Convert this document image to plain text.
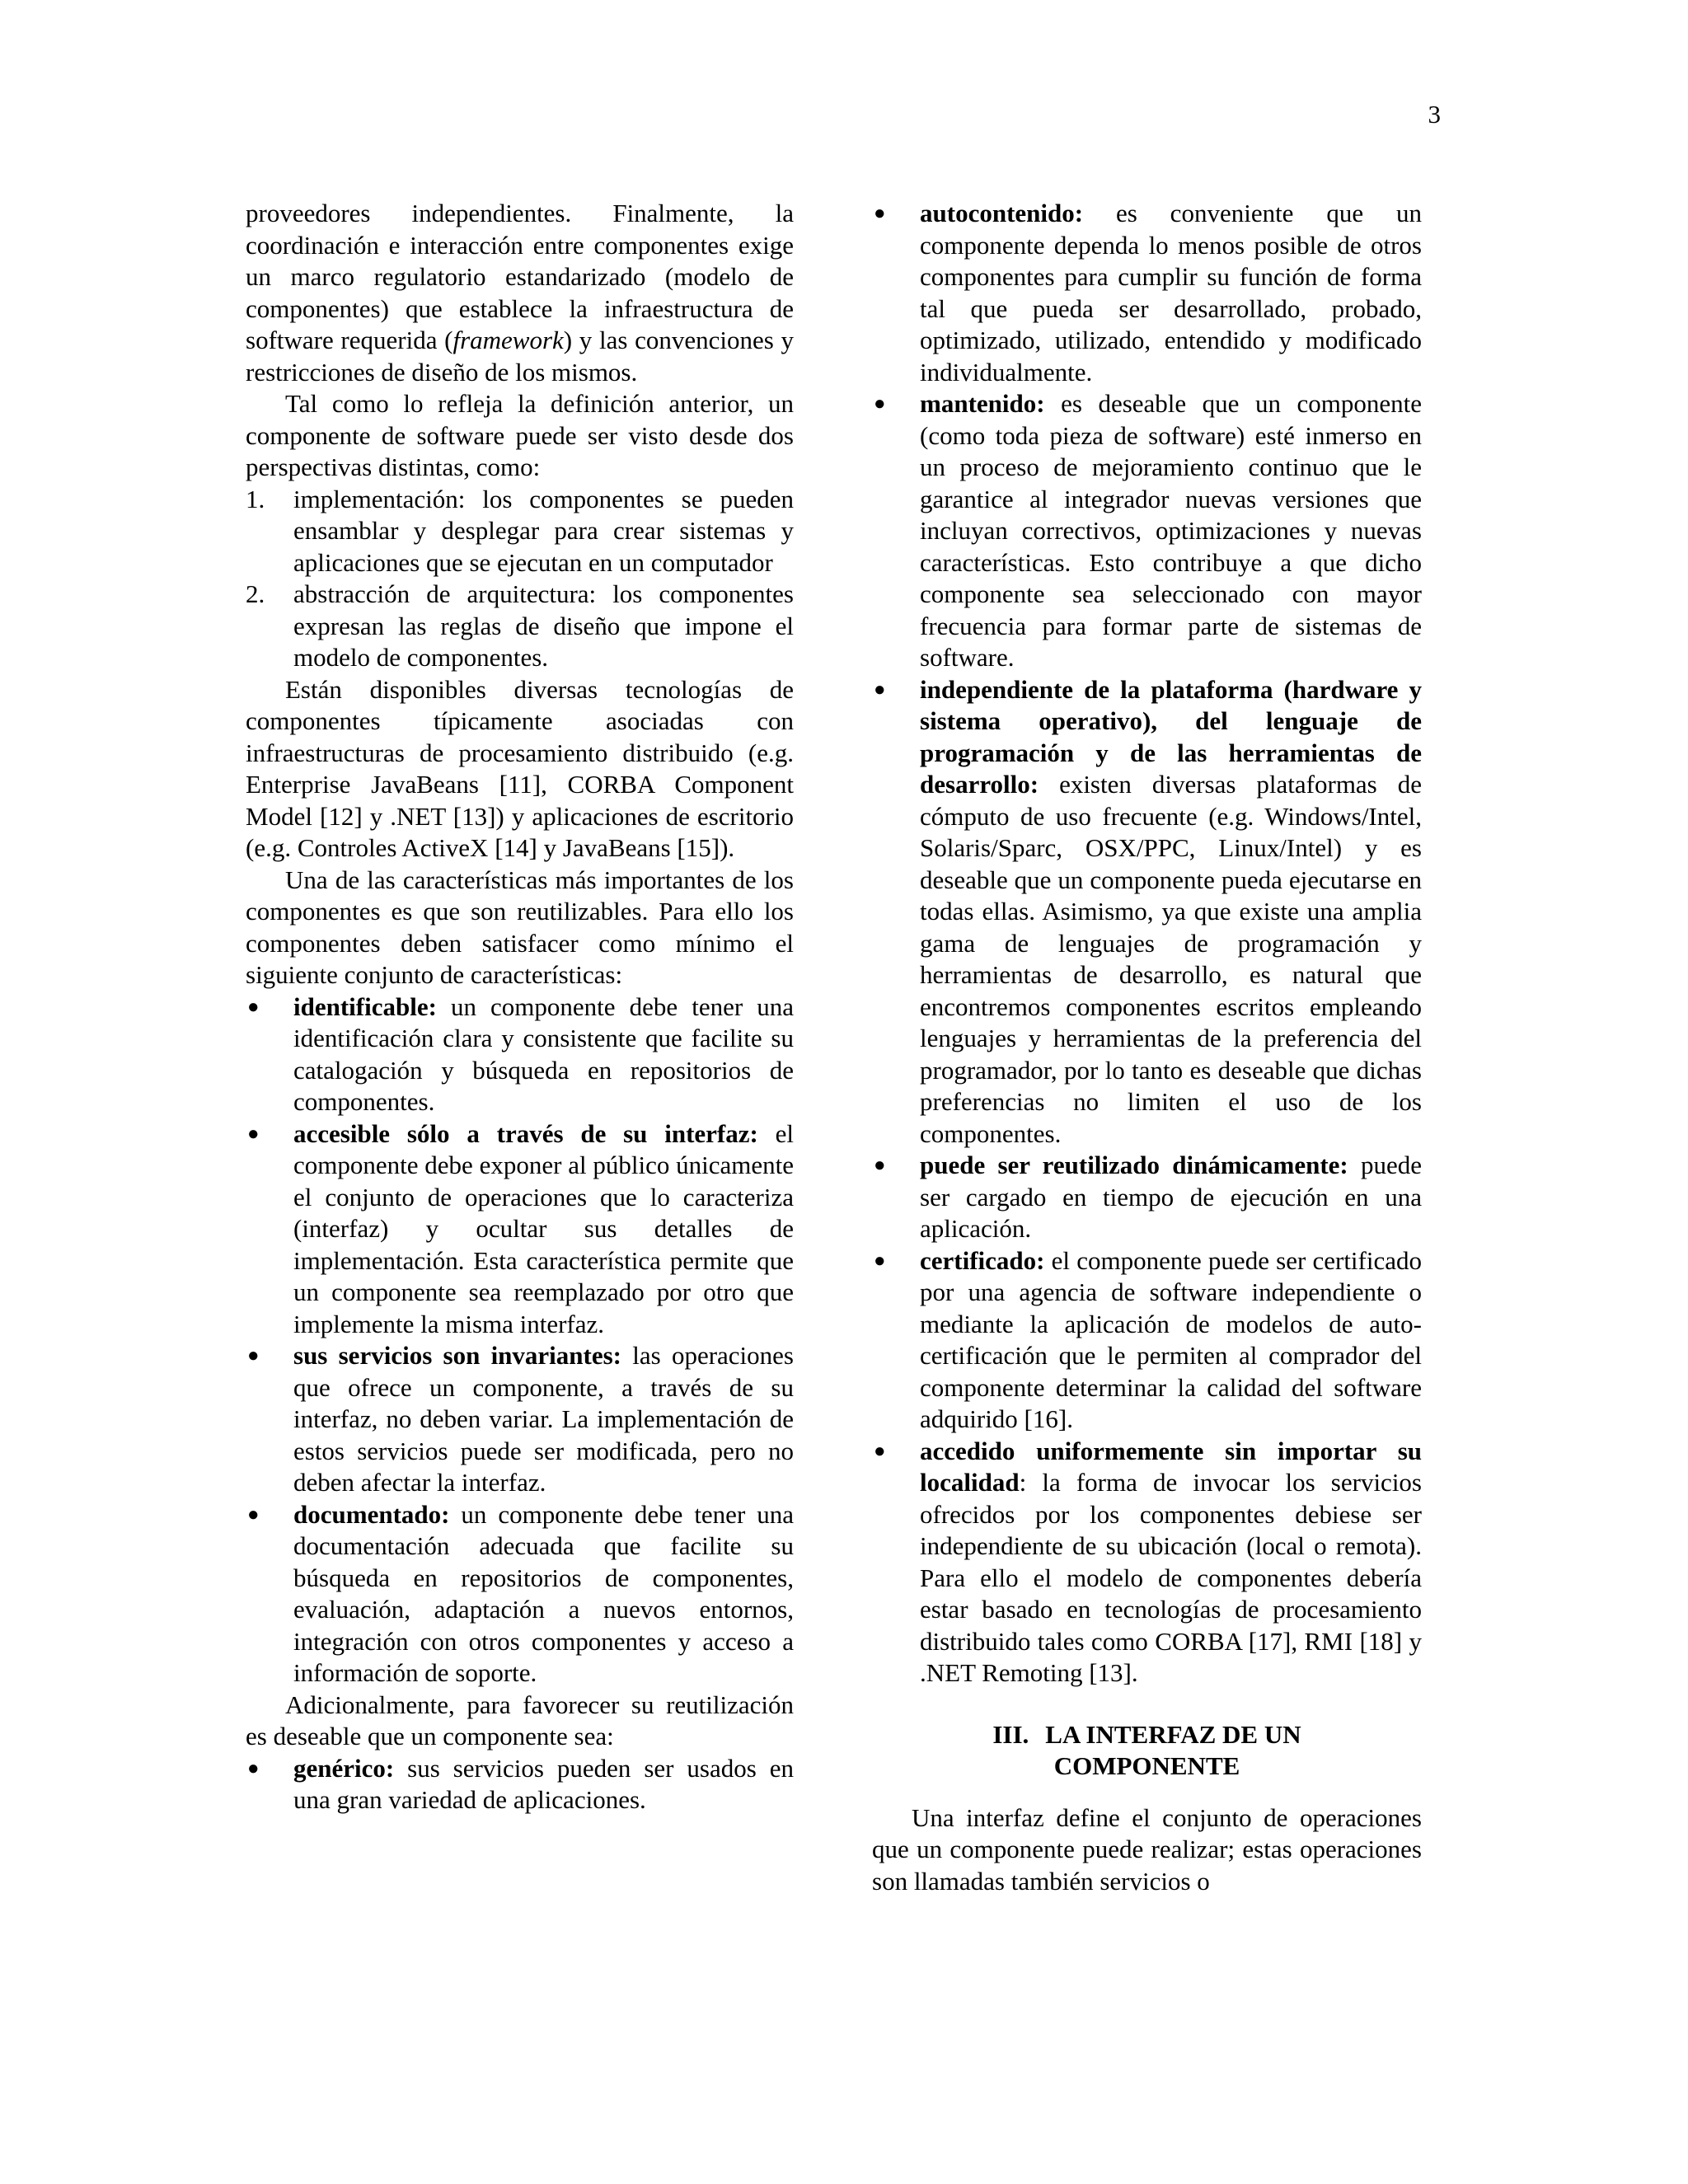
3

proveedores independientes. Finalmente, la coordinación e interacción entre componentes exige un marco regulatorio estandarizado (modelo de componentes) que establece la infraestructura de software requerida (framework) y las convenciones y restricciones de diseño de los mismos.

Tal como lo refleja la definición anterior, un componente de software puede ser visto desde dos perspectivas distintas, como:

1. implementación: los componentes se pueden ensamblar y desplegar para crear sistemas y aplicaciones que se ejecutan en un computador
2. abstracción de arquitectura: los componentes expresan las reglas de diseño que impone el modelo de componentes.

Están disponibles diversas tecnologías de componentes típicamente asociadas con infraestructuras de procesamiento distribuido (e.g. Enterprise JavaBeans [11], CORBA Component Model [12] y .NET [13]) y aplicaciones de escritorio (e.g. Controles ActiveX [14] y JavaBeans [15]).

Una de las características más importantes de los componentes es que son reutilizables. Para ello los componentes deben satisfacer como mínimo el siguiente conjunto de características:

● identificable: un componente debe tener una identificación clara y consistente que facilite su catalogación y búsqueda en repositorios de componentes.
● accesible sólo a través de su interfaz: el componente debe exponer al público únicamente el conjunto de operaciones que lo caracteriza (interfaz) y ocultar sus detalles de implementación. Esta característica permite que un componente sea reemplazado por otro que implemente la misma interfaz.
● sus servicios son invariantes: las operaciones que ofrece un componente, a través de su interfaz, no deben variar. La implementación de estos servicios puede ser modificada, pero no deben afectar la interfaz.
● documentado: un componente debe tener una documentación adecuada que facilite su búsqueda en repositorios de componentes, evaluación, adaptación a nuevos entornos, integración con otros componentes y acceso a información de soporte.

Adicionalmente, para favorecer su reutilización es deseable que un componente sea:

● genérico: sus servicios pueden ser usados en una gran variedad de aplicaciones.
● autocontenido: es conveniente que un componente dependa lo menos posible de otros componentes para cumplir su función de forma tal que pueda ser desarrollado, probado, optimizado, utilizado, entendido y modificado individualmente.
● mantenido: es deseable que un componente (como toda pieza de software) esté inmerso en un proceso de mejoramiento continuo que le garantice al integrador nuevas versiones que incluyan correctivos, optimizaciones y nuevas características. Esto contribuye a que dicho componente sea seleccionado con mayor frecuencia para formar parte de sistemas de software.
● independiente de la plataforma (hardware y sistema operativo), del lenguaje de programación y de las herramientas de desarrollo: existen diversas plataformas de cómputo de uso frecuente (e.g. Windows/Intel, Solaris/Sparc, OSX/PPC, Linux/Intel) y es deseable que un componente pueda ejecutarse en todas ellas. Asimismo, ya que existe una amplia gama de lenguajes de programación y herramientas de desarrollo, es natural que encontremos componentes escritos empleando lenguajes y herramientas de la preferencia del programador, por lo tanto es deseable que dichas preferencias no limiten el uso de los componentes.
● puede ser reutilizado dinámicamente: puede ser cargado en tiempo de ejecución en una aplicación.
● certificado: el componente puede ser certificado por una agencia de software independiente o mediante la aplicación de modelos de auto-certificación que le permiten al comprador del componente determinar la calidad del software adquirido [16].
● accedido uniformemente sin importar su localidad: la forma de invocar los servicios ofrecidos por los componentes debiese ser independiente de su ubicación (local o remota). Para ello el modelo de componentes debería estar basado en tecnologías de procesamiento distribuido tales como CORBA [17], RMI [18] y .NET Remoting [13].
III. LA INTERFAZ DE UN
COMPONENTE

Una interfaz define el conjunto de operaciones que un componente puede realizar; estas operaciones son llamadas también servicios o
